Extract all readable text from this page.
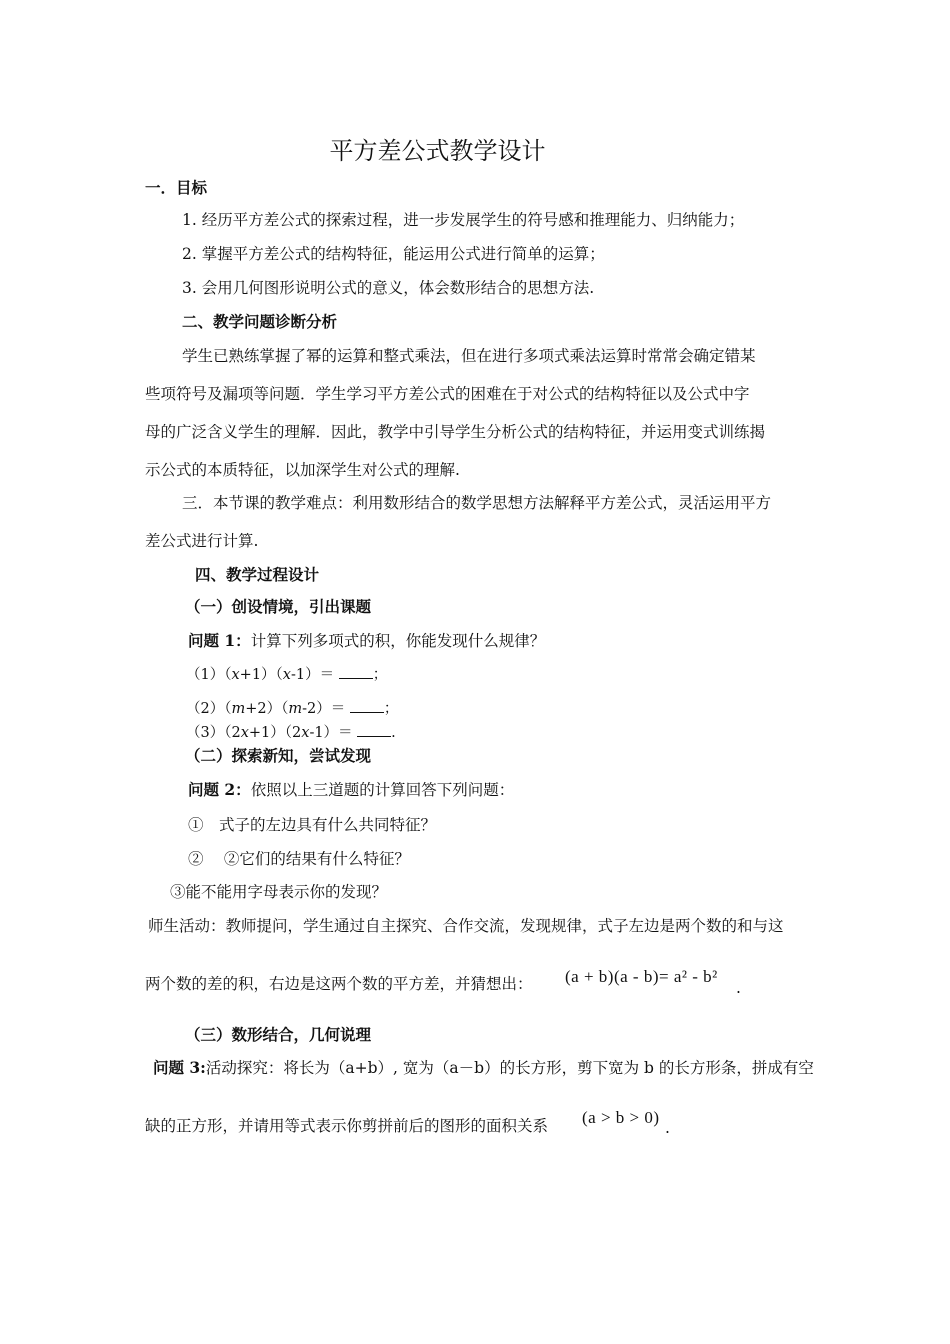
平方差公式教学设计
一．目标
1. 经历平方差公式的探索过程，进一步发展学生的符号感和推理能力、归纳能力；
2. 掌握平方差公式的结构特征，能运用公式进行简单的运算；
3. 会用几何图形说明公式的意义，体会数形结合的思想方法.
二、教学问题诊断分析
学生已熟练掌握了幂的运算和整式乘法，但在进行多项式乘法运算时常常会确定错某
些项符号及漏项等问题．学生学习平方差公式的困难在于对公式的结构特征以及公式中字
母的广泛含义学生的理解．因此，教学中引导学生分析公式的结构特征，并运用变式训练揭
示公式的本质特征，以加深学生对公式的理解.
三．本节课的教学难点：利用数形结合的数学思想方法解释平方差公式，灵活运用平方
差公式进行计算.
四、教学过程设计
（一）创设情境，引出课题
问题 1：计算下列多项式的积，你能发现什么规律？
（1）（x+1）（x-1）＝ ；
（2）（m+2）（m-2）＝ ；
（3）（2x+1）（2x-1）＝ .
（二）探索新知，尝试发现
问题 2：依照以上三道题的计算回答下列问题：
①　式子的左边具有什么共同特征？
②　 ②它们的结果有什么特征？
③能不能用字母表示你的发现？
师生活动：教师提问，学生通过自主探究、合作交流，发现规律，式子左边是两个数的和与这
两个数的差的积，右边是这两个数的平方差，并猜想出： (a + b)(a - b)= a² - b²
.
（三）数形结合，几何说理
问题 3:活动探究：将长为（a+b）, 宽为（a－b）的长方形，剪下宽为 b 的长方形条，拼成有空
缺的正方形，并请用等式表示你剪拼前后的图形的面积关系 (a > b > 0)
.
